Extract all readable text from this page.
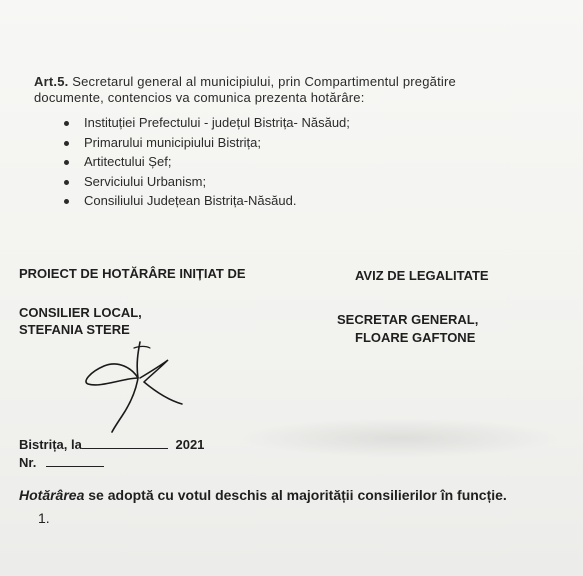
Art.5. Secretarul general al municipiului, prin Compartimentul pregătire
documente, contencios va comunica prezenta hotărâre:
Instituției Prefectului - județul Bistrița- Năsăud;
Primarului municipiului Bistrița;
Artitectului Șef;
Serviciului Urbanism;
Consiliului Județean Bistrița-Năsăud.
PROIECT DE HOTĂRÂRE INIȚIAT DE
CONSILIER LOCAL,
STEFANIA STERE
AVIZ DE LEGALITATE
SECRETAR GENERAL,
FLOARE GAFTONE
Bistrița, la	2021
Nr.
Hotărârea se adoptă cu votul deschis al majorității consilierilor în funcție.
1.
